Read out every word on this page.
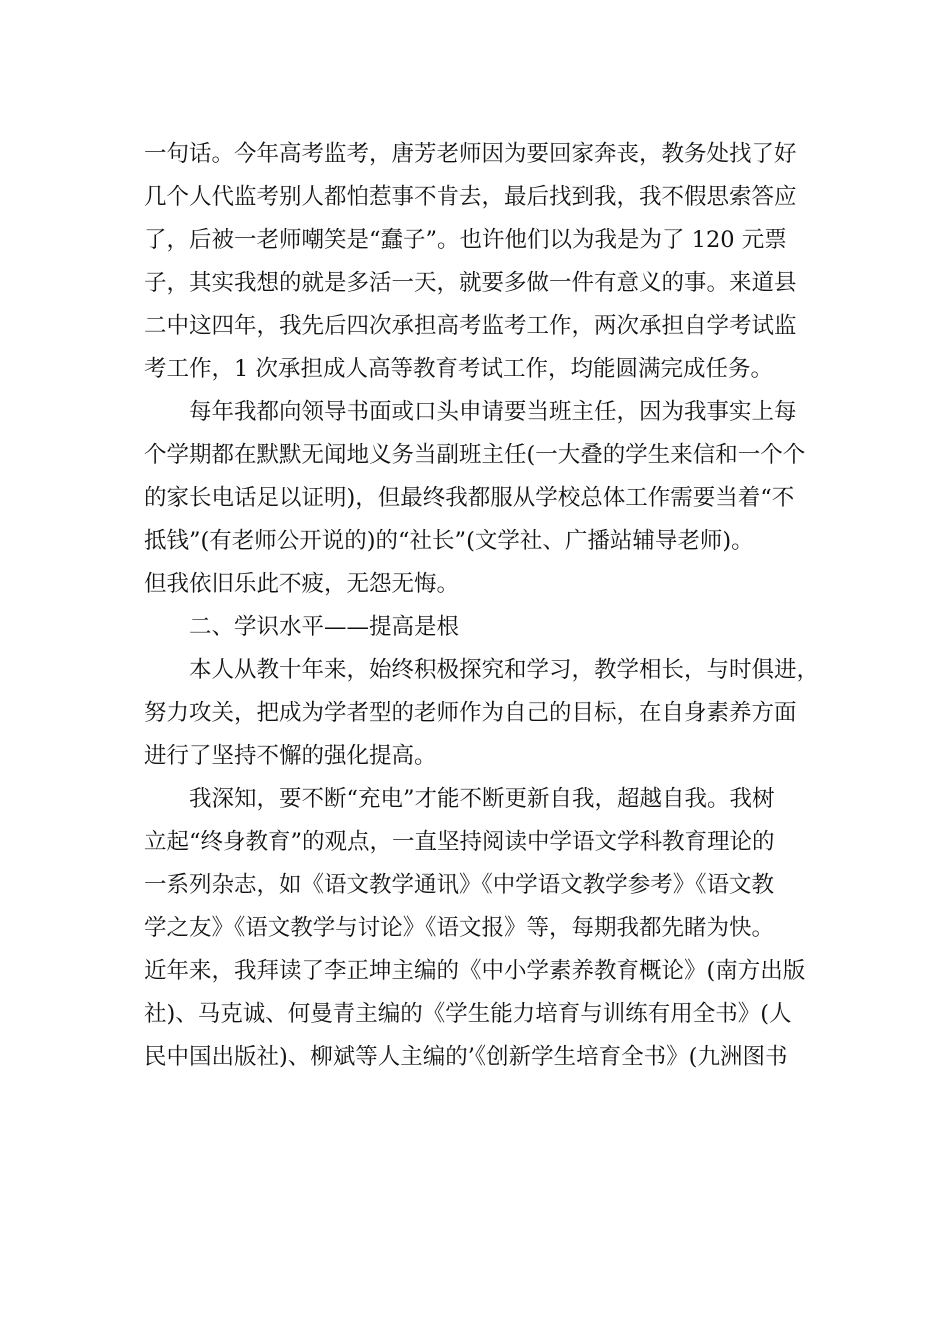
一句话。今年高考监考，唐芳老师因为要回家奔丧，教务处找了好
几个人代监考别人都怕惹事不肯去，最后找到我，我不假思索答应
了，后被一老师嘲笑是“蠢子”。也许他们以为我是为了 120 元票
子，其实我想的就是多活一天，就要多做一件有意义的事。来道县
二中这四年，我先后四次承担高考监考工作，两次承担自学考试监
考工作，1 次承担成人高等教育考试工作，均能圆满完成任务。
每年我都向领导书面或口头申请要当班主任，因为我事实上每
个学期都在默默无闻地义务当副班主任(一大叠的学生来信和一个个
的家长电话足以证明)，但最终我都服从学校总体工作需要当着“不
抵钱”(有老师公开说的)的“社长”(文学社、广播站辅导老师)。
但我依旧乐此不疲，无怨无悔。
二、学识水平——提高是根
本人从教十年来，始终积极探究和学习，教学相长，与时俱进，
努力攻关，把成为学者型的老师作为自己的目标，在自身素养方面
进行了坚持不懈的强化提高。
我深知，要不断“充电”才能不断更新自我，超越自我。我树
立起“终身教育”的观点，一直坚持阅读中学语文学科教育理论的
一系列杂志，如《语文教学通讯》《中学语文教学参考》《语文教
学之友》《语文教学与讨论》《语文报》等，每期我都先睹为快。
近年来，我拜读了李正坤主编的《中小学素养教育概论》(南方出版
社)、马克诚、何曼青主编的《学生能力培育与训练有用全书》(人
民中国出版社)、柳斌等人主编的’《创新学生培育全书》(九洲图书
